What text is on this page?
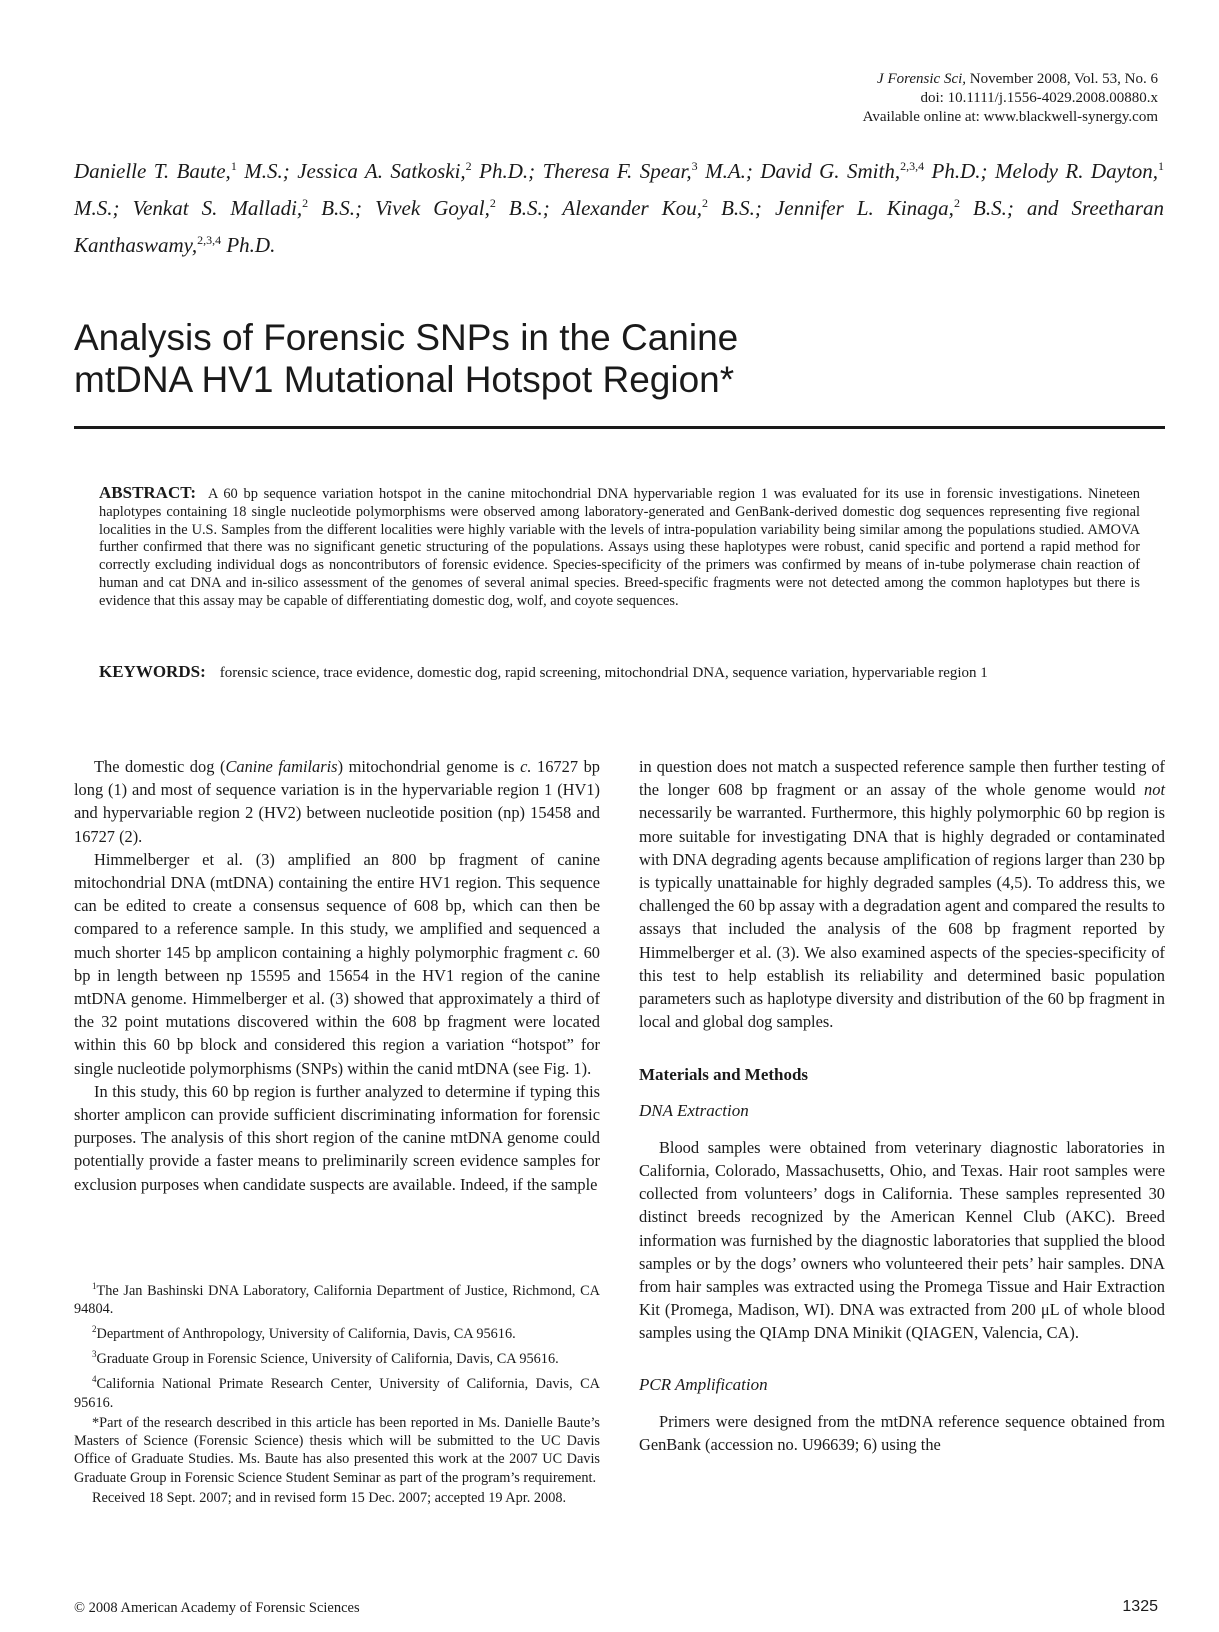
J Forensic Sci, November 2008, Vol. 53, No. 6
doi: 10.1111/j.1556-4029.2008.00880.x
Available online at: www.blackwell-synergy.com
Danielle T. Baute,$^1$ M.S.; Jessica A. Satkoski,$^2$ Ph.D.; Theresa F. Spear,$^3$ M.A.; David G. Smith,$^{2,3,4}$ Ph.D.; Melody R. Dayton,$^1$ M.S.; Venkat S. Malladi,$^2$ B.S.; Vivek Goyal,$^2$ B.S.; Alexander Kou,$^2$ B.S.; Jennifer L. Kinaga,$^2$ B.S.; and Sreetharan Kanthaswamy,$^{2,3,4}$ Ph.D.
Analysis of Forensic SNPs in the Canine
mtDNA HV1 Mutational Hotspot Region*
ABSTRACT: A 60 bp sequence variation hotspot in the canine mitochondrial DNA hypervariable region 1 was evaluated for its use in forensic investigations. Nineteen haplotypes containing 18 single nucleotide polymorphisms were observed among laboratory-generated and GenBank-derived domestic dog sequences representing five regional localities in the U.S. Samples from the different localities were highly variable with the levels of intra-population variability being similar among the populations studied. AMOVA further confirmed that there was no significant genetic structuring of the populations. Assays using these haplotypes were robust, canid specific and portend a rapid method for correctly excluding individual dogs as noncontributors of forensic evidence. Species-specificity of the primers was confirmed by means of in-tube polymerase chain reaction of human and cat DNA and in-silico assessment of the genomes of several animal species. Breed-specific fragments were not detected among the common haplotypes but there is evidence that this assay may be capable of differentiating domestic dog, wolf, and coyote sequences.
KEYWORDS: forensic science, trace evidence, domestic dog, rapid screening, mitochondrial DNA, sequence variation, hypervariable region 1

The domestic dog (Canine familaris) mitochondrial genome is c. 16727 bp long (1) and most of sequence variation is in the hypervariable region 1 (HV1) and hypervariable region 2 (HV2) between nucleotide position (np) 15458 and 16727 (2).

Himmelberger et al. (3) amplified an 800 bp fragment of canine mitochondrial DNA (mtDNA) containing the entire HV1 region. This sequence can be edited to create a consensus sequence of 608 bp, which can then be compared to a reference sample. In this study, we amplified and sequenced a much shorter 145 bp amplicon containing a highly polymorphic fragment c. 60 bp in length between np 15595 and 15654 in the HV1 region of the canine mtDNA genome. Himmelberger et al. (3) showed that approximately a third of the 32 point mutations discovered within the 608 bp fragment were located within this 60 bp block and considered this region a variation “hotspot” for single nucleotide polymorphisms (SNPs) within the canid mtDNA (see Fig. 1).

In this study, this 60 bp region is further analyzed to determine if typing this shorter amplicon can provide sufficient discriminating information for forensic purposes. The analysis of this short region of the canine mtDNA genome could potentially provide a faster means to preliminarily screen evidence samples for exclusion purposes when candidate suspects are available. Indeed, if the sample

$^1$The Jan Bashinski DNA Laboratory, California Department of Justice, Richmond, CA 94804.

$^2$Department of Anthropology, University of California, Davis, CA 95616.

$^3$Graduate Group in Forensic Science, University of California, Davis, CA 95616.

$^4$California National Primate Research Center, University of California, Davis, CA 95616.

*Part of the research described in this article has been reported in Ms. Danielle Baute’s Masters of Science (Forensic Science) thesis which will be submitted to the UC Davis Office of Graduate Studies. Ms. Baute has also presented this work at the 2007 UC Davis Graduate Group in Forensic Science Student Seminar as part of the program’s requirement.

Received 18 Sept. 2007; and in revised form 15 Dec. 2007; accepted 19 Apr. 2008.

in question does not match a suspected reference sample then further testing of the longer 608 bp fragment or an assay of the whole genome would not necessarily be warranted. Furthermore, this highly polymorphic 60 bp region is more suitable for investigating DNA that is highly degraded or contaminated with DNA degrading agents because amplification of regions larger than 230 bp is typically unattainable for highly degraded samples (4,5). To address this, we challenged the 60 bp assay with a degradation agent and compared the results to assays that included the analysis of the 608 bp fragment reported by Himmelberger et al. (3). We also examined aspects of the species-specificity of this test to help establish its reliability and determined basic population parameters such as haplotype diversity and distribution of the 60 bp fragment in local and global dog samples.

Materials and Methods

DNA Extraction

Blood samples were obtained from veterinary diagnostic laboratories in California, Colorado, Massachusetts, Ohio, and Texas. Hair root samples were collected from volunteers’ dogs in California. These samples represented 30 distinct breeds recognized by the American Kennel Club (AKC). Breed information was furnished by the diagnostic laboratories that supplied the blood samples or by the dogs’ owners who volunteered their pets’ hair samples. DNA from hair samples was extracted using the Promega Tissue and Hair Extraction Kit (Promega, Madison, WI). DNA was extracted from 200 μL of whole blood samples using the QIAmp DNA Minikit (QIAGEN, Valencia, CA).

PCR Amplification

Primers were designed from the mtDNA reference sequence obtained from GenBank (accession no. U96639; 6) using the

© 2008 American Academy of Forensic Sciences	1325
